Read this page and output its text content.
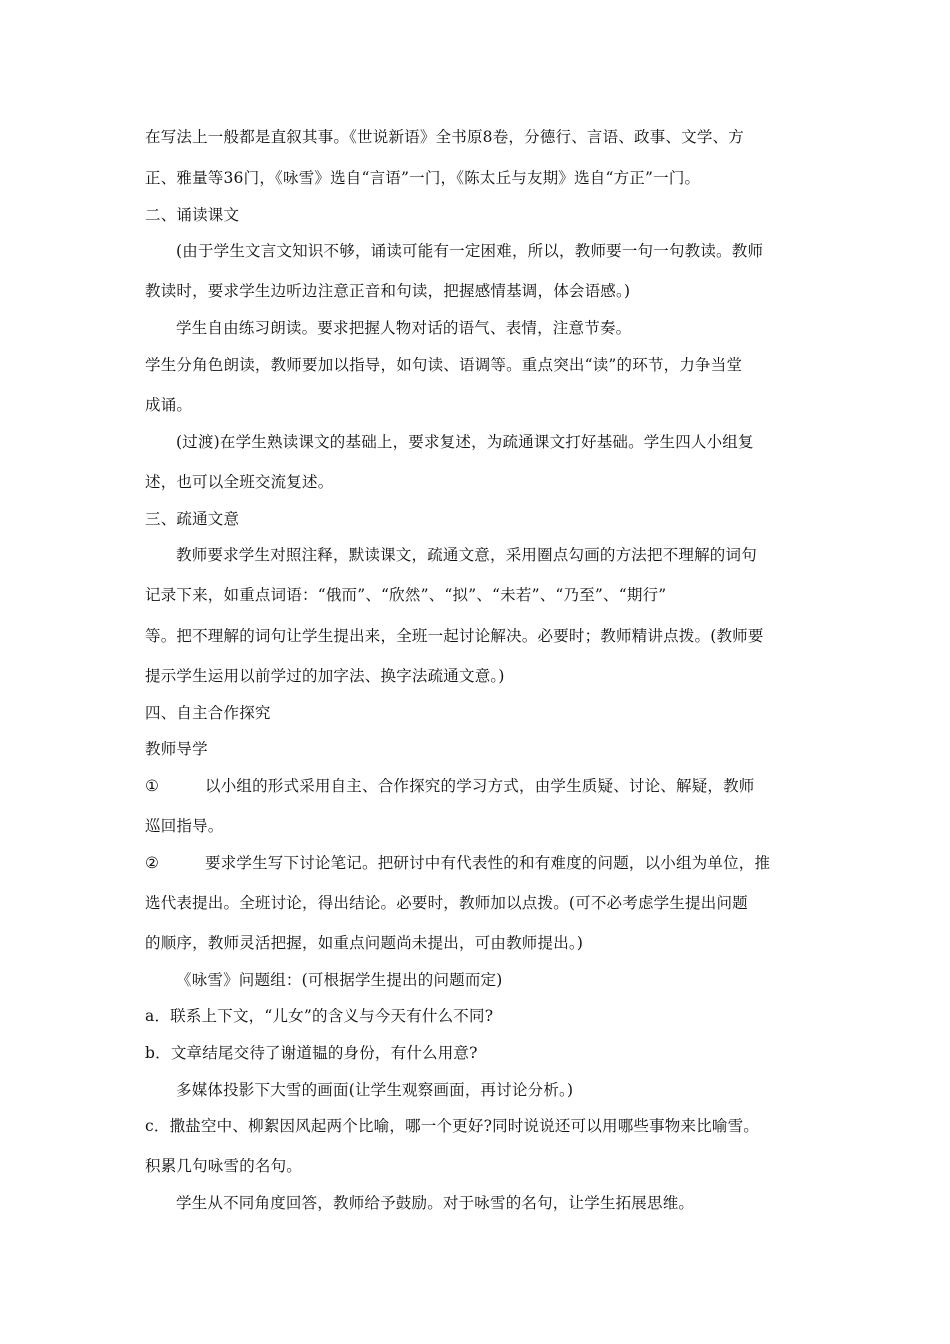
在写法上一般都是直叙其事。《世说新语》全书原8卷，分德行、言语、政事、文学、方
正、雅量等36门，《咏雪》选自“言语”一门，《陈太丘与友期》选自“方正”一门。
二、诵读课文
(由于学生文言文知识不够，诵读可能有一定困难，所以，教师要一句一句教读。教师
教读时，要求学生边听边注意正音和句读，把握感情基调，体会语感。)
学生自由练习朗读。要求把握人物对话的语气、表情，注意节奏。
学生分角色朗读，教师要加以指导，如句读、语调等。重点突出“读”的环节，力争当堂
成诵。
(过渡)在学生熟读课文的基础上，要求复述，为疏通课文打好基础。学生四人小组复
述，也可以全班交流复述。
三、疏通文意
教师要求学生对照注释，默读课文，疏通文意，采用圈点勾画的方法把不理解的词句
记录下来，如重点词语：“俄而”、“欣然”、“拟”、“未若”、“乃至”、“期行”
等。把不理解的词句让学生提出来，全班一起讨论解决。必要时；教师精讲点拨。(教师要
提示学生运用以前学过的加字法、换字法疏通文意。)
四、自主合作探究
教师导学
①	以小组的形式采用自主、合作探究的学习方式，由学生质疑、讨论、解疑，教师
巡回指导。
②	要求学生写下讨论笔记。把研讨中有代表性的和有难度的问题，以小组为单位，推
选代表提出。全班讨论，得出结论。必要时，教师加以点拨。(可不必考虑学生提出问题
的顺序，教师灵活把握，如重点问题尚未提出，可由教师提出。)
《咏雪》问题组：(可根据学生提出的问题而定)
a．联系上下文，“儿女”的含义与今天有什么不同?
b．文章结尾交待了谢道韫的身份，有什么用意?
多媒体投影下大雪的画面(让学生观察画面，再讨论分析。)
c．撒盐空中、柳絮因风起两个比喻，哪一个更好?同时说说还可以用哪些事物来比喻雪。
积累几句咏雪的名句。
学生从不同角度回答，教师给予鼓励。对于咏雪的名句，让学生拓展思维。
